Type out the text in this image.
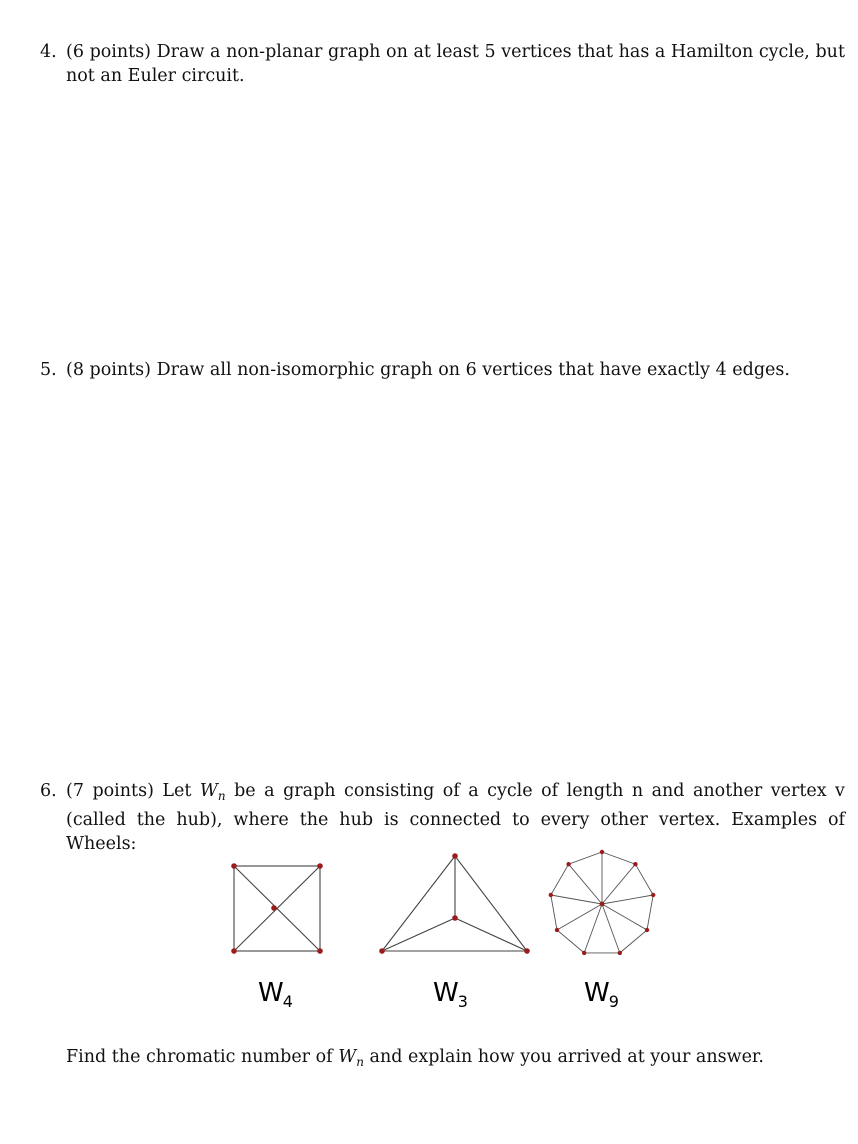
4. (6 points) Draw a non-planar graph on at least 5 vertices that has a Hamilton cycle, but not an Euler circuit.
5. (8 points) Draw all non-isomorphic graph on 6 vertices that have exactly 4 edges.
6. (7 points) Let $W_n$ be a graph consisting of a cycle of length n and another vertex v (called the hub), where the hub is connected to every other vertex. Examples of Wheels:
$W_4$	$W_3$	$W_9$
Find the chromatic number of $W_n$ and explain how you arrived at your answer.
